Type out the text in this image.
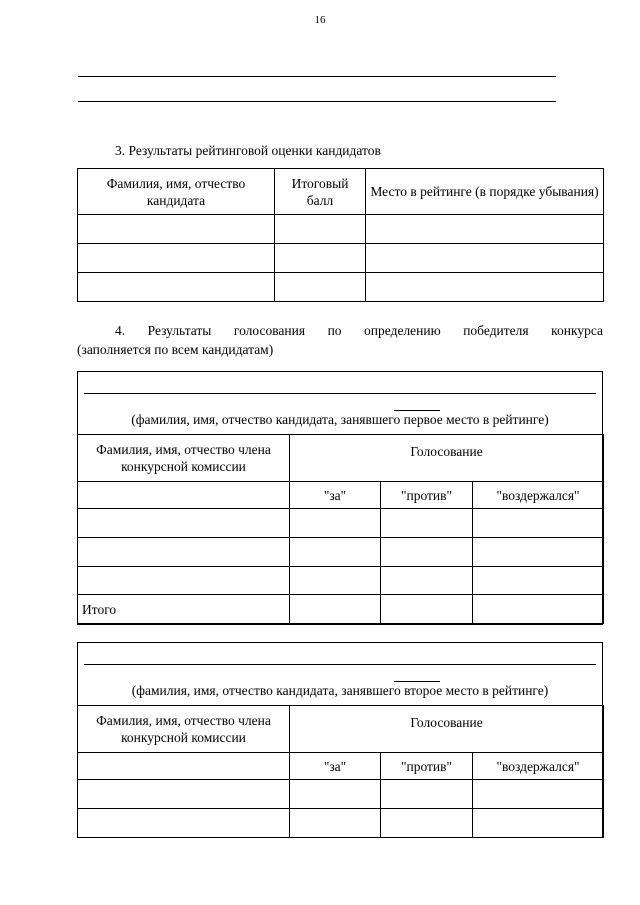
16
3. Результаты рейтинговой оценки кандидатов
Фамилия, имя, отчество кандидата	Итоговый балл	Место в рейтинге (в порядке убывания)

4. Результаты голосования по определению победителя конкурса
(заполняется по всем кандидатам)
(фамилия, имя, отчество кандидата, занявшего первое место в рейтинге)
Фамилия, имя, отчество члена конкурсной комиссии	Голосование		
	"за"	"против"	"воздержался"

Итого			
(фамилия, имя, отчество кандидата, занявшего второе место в рейтинге)
Фамилия, имя, отчество члена конкурсной комиссии	Голосование		
	"за"	"против"	"воздержался"
